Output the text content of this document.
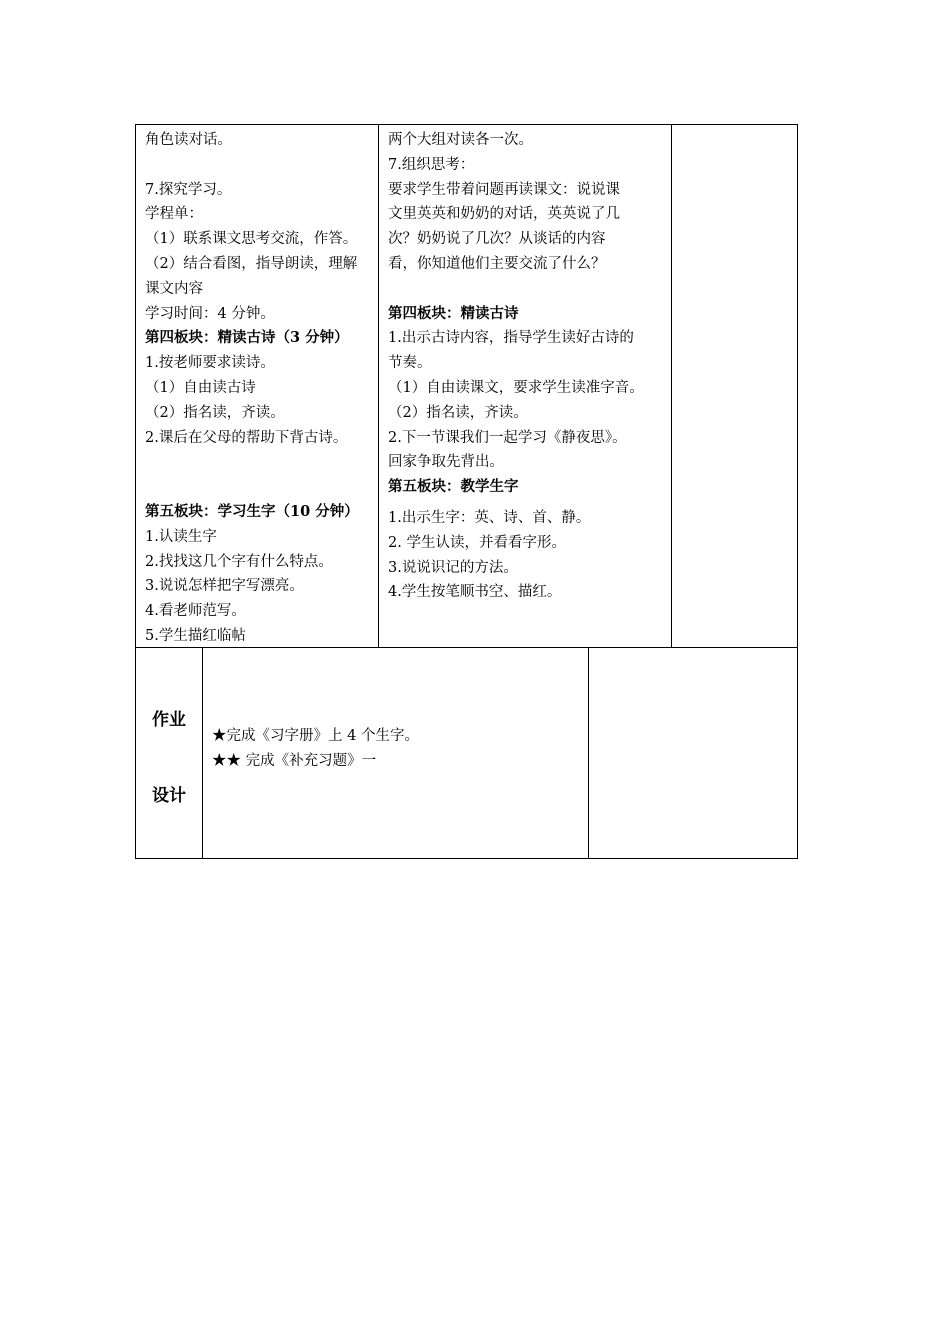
角色读对话。
7.探究学习。
学程单：
（1）联系课文思考交流，作答。
（2）结合看图，指导朗读，理解
课文内容
学习时间：4 分钟。
第四板块：精读古诗（3 分钟）
1.按老师要求读诗。
（1）自由读古诗
（2）指名读，齐读。
2.课后在父母的帮助下背古诗。
第五板块：学习生字（10 分钟）
1.认读生字
2.找找这几个字有什么特点。
3.说说怎样把字写漂亮。
4.看老师范写。
5.学生描红临帖
两个大组对读各一次。
7.组织思考：
要求学生带着问题再读课文：说说课
文里英英和奶奶的对话，英英说了几
次？奶奶说了几次？从谈话的内容
看，你知道他们主要交流了什么？
第四板块：精读古诗
1.出示古诗内容，指导学生读好古诗的
节奏。
（1）自由读课文，要求学生读准字音。
（2）指名读，齐读。
2.下一节课我们一起学习《静夜思》。
回家争取先背出。
第五板块：教学生字
1.出示生字：英、诗、首、静。
2. 学生认读，并看看字形。
3.说说识记的方法。
4.学生按笔顺书空、描红。
作业
设计
★完成《习字册》上 4 个生字。
★★ 完成《补充习题》一
